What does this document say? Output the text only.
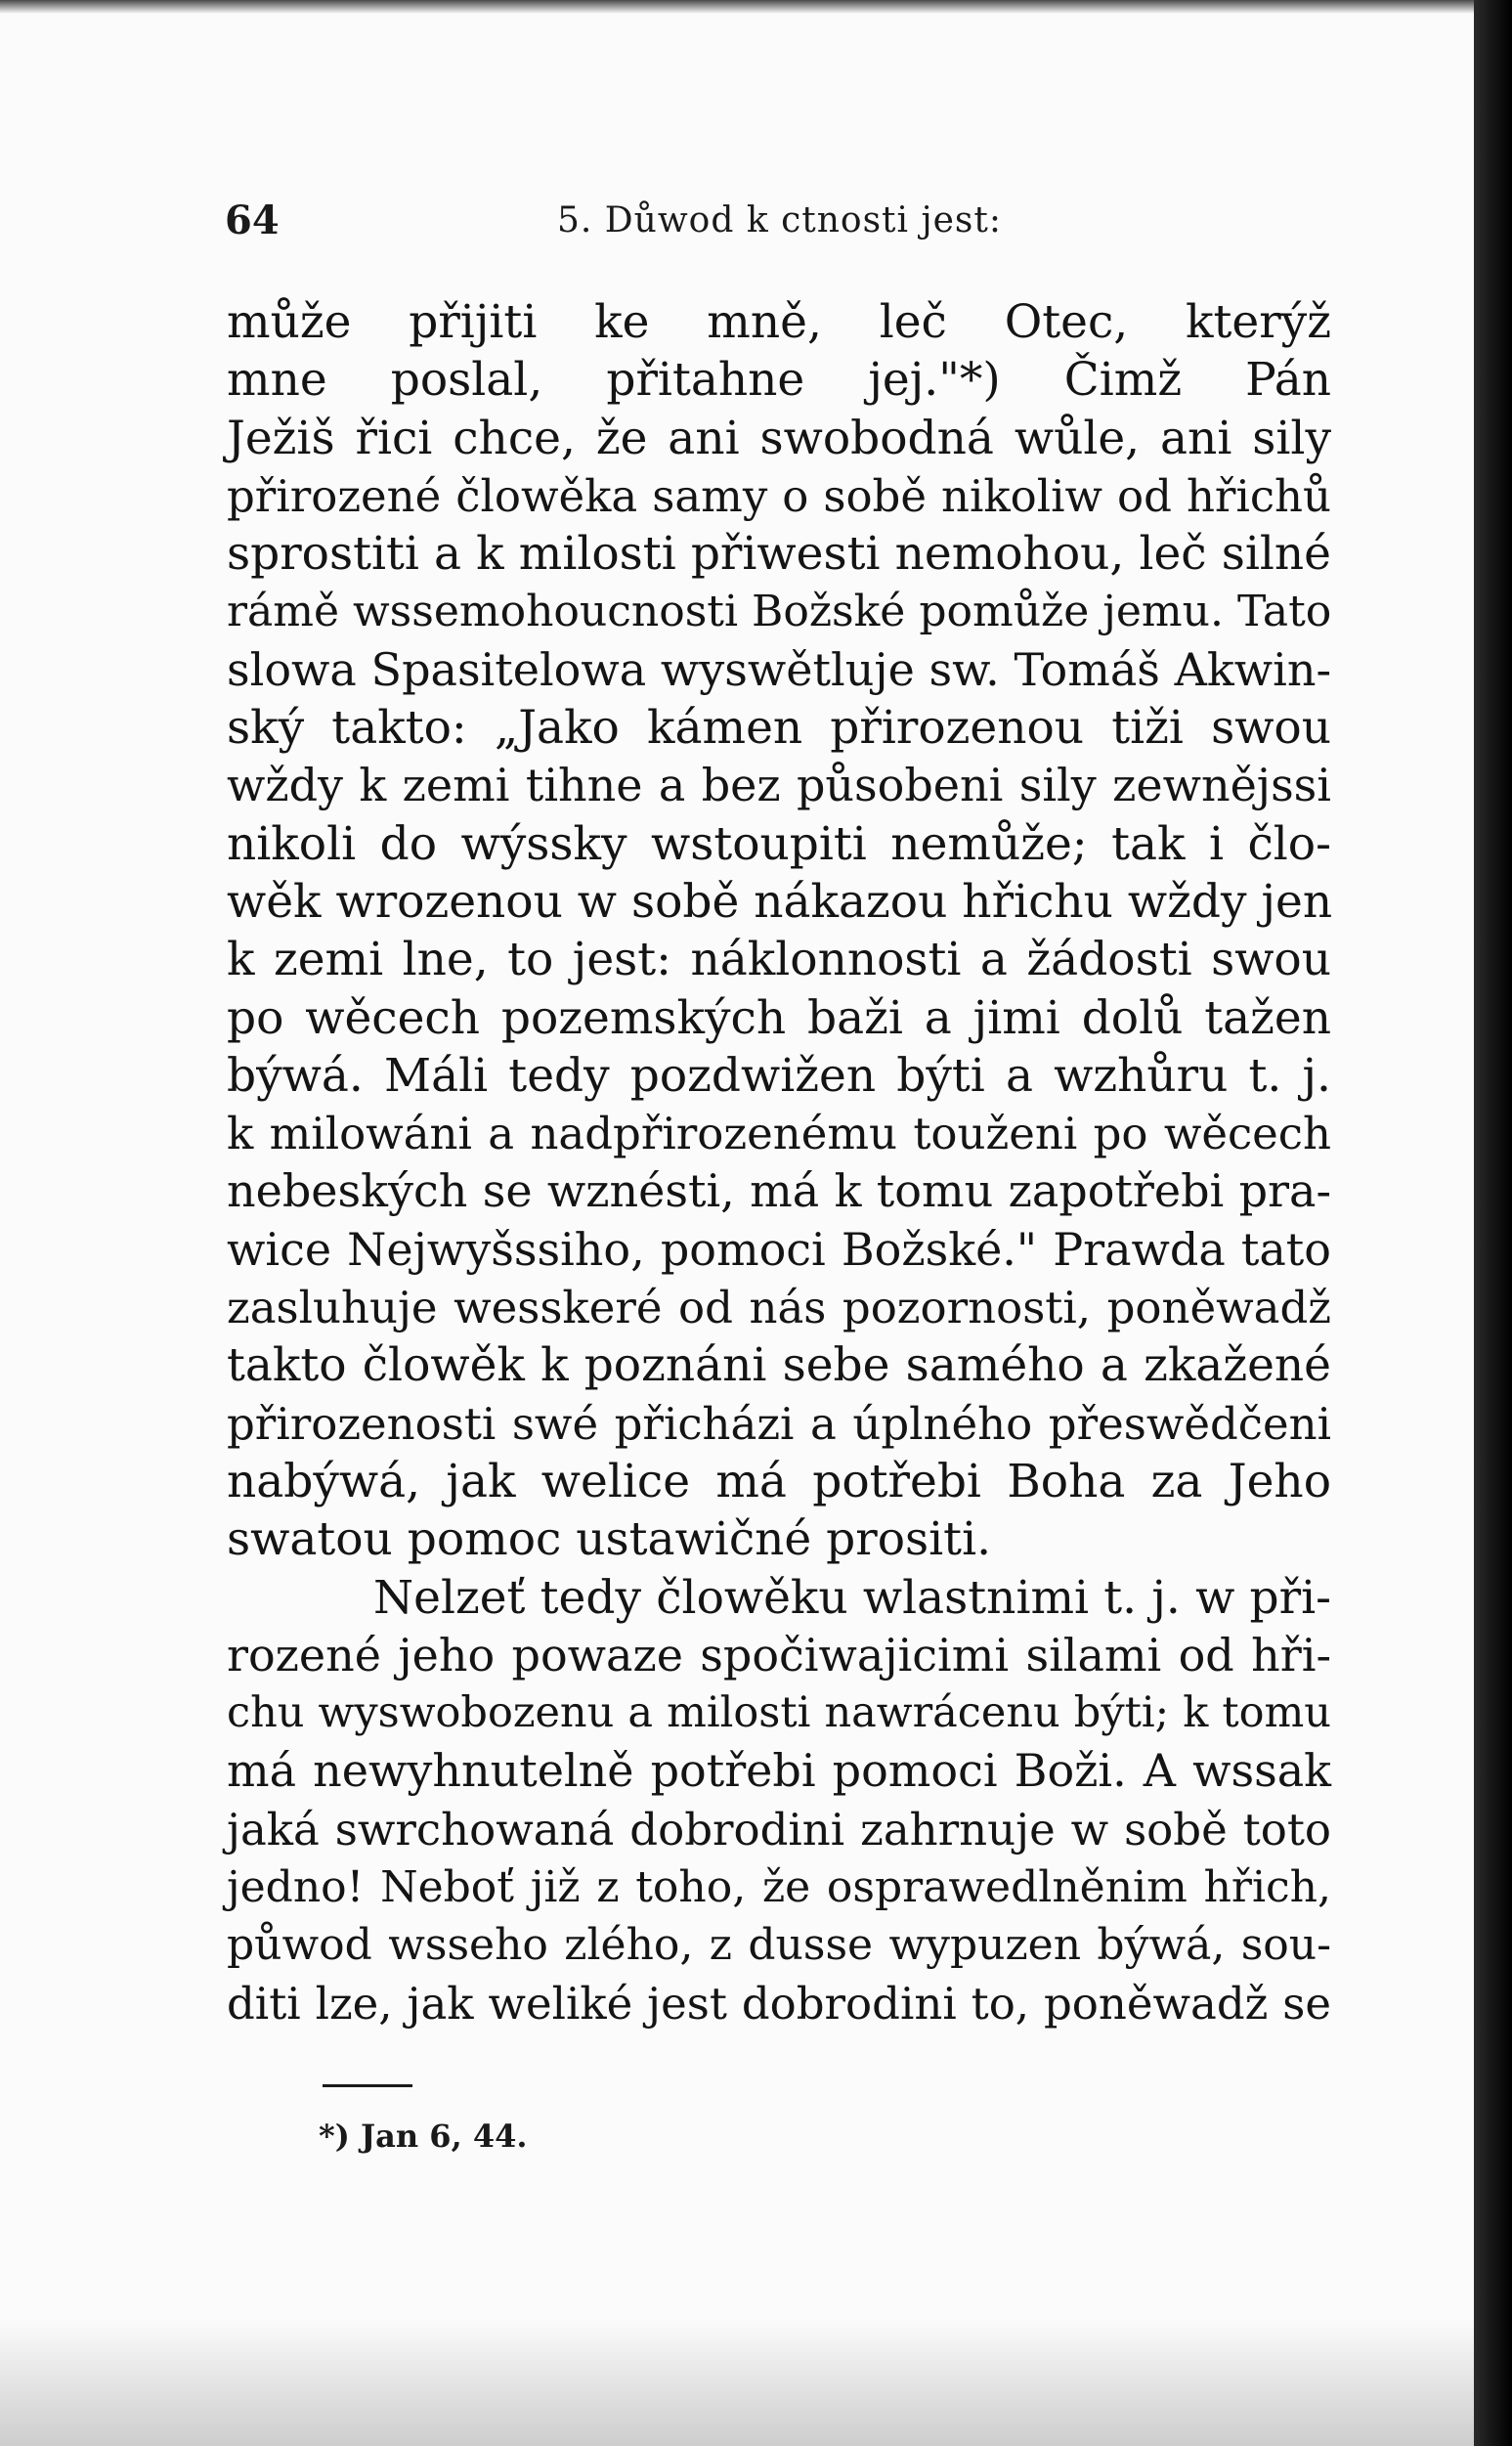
64	5. Důwod k ctnosti jest:
může přijiti ke mně, leč Otec, kterýž
mne poslal, přitahne jej."*) Čimž Pán
Ježiš řici chce, že ani swobodná wůle, ani sily
přirozené člowěka samy o sobě nikoliw od hřichů
sprostiti a k milosti přiwesti nemohou, leč silné
rámě wssemohoucnosti Božské pomůže jemu. Tato
slowa Spasitelowa wyswětluje sw. Tomáš Akwin-
ský takto: „Jako kámen přirozenou tiži swou
wždy k zemi tihne a bez působeni sily zewnějssi
nikoli do wýssky wstoupiti nemůže; tak i člo-
wěk wrozenou w sobě nákazou hřichu wždy jen
k zemi lne, to jest: náklonnosti a žádosti swou
po wěcech pozemských baži a jimi dolů tažen
býwá. Máli tedy pozdwižen býti a wzhůru t. j.
k milowáni a nadpřirozenému touženi po wěcech
nebeských se wznésti, má k tomu zapotřebi pra-
wice Nejwyšssiho, pomoci Božské." Prawda tato
zasluhuje wesskeré od nás pozornosti, poněwadž
takto člowěk k poznáni sebe samého a zkažené
přirozenosti swé přicházi a úplného přeswědčeni
nabýwá, jak welice má potřebi Boha za Jeho
swatou pomoc ustawičné prositi.
Nelzeť tedy člowěku wlastnimi t. j. w při-
rozené jeho powaze spočiwajicimi silami od hři-
chu wyswobozenu a milosti nawrácenu býti; k tomu
má newyhnutelně potřebi pomoci Boži. A wssak
jaká swrchowaná dobrodini zahrnuje w sobě toto
jedno! Neboť již z toho, že ospraw​edlněnim hřich,
půwod wsseho zlého, z dusse wypuzen býwá, sou-
diti lze, jak weliké jest dobrodini to, poněwadž se
*) Jan 6, 44.
